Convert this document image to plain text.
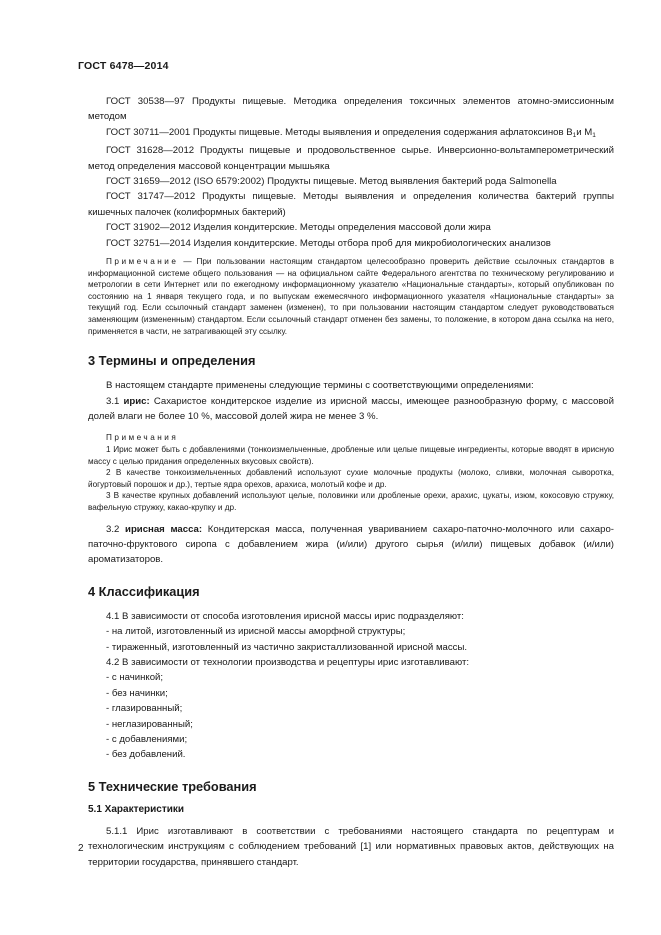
ГОСТ 6478—2014

ГОСТ 30538—97 Продукты пищевые. Методика определения токсичных элементов атомно-эмиссионным методом

ГОСТ 30711—2001 Продукты пищевые. Методы выявления и определения содержания афлатоксинов $B_1и$ $M_1$

ГОСТ 31628—2012 Продукты пищевые и продовольственное сырье. Инверсионно-вольтамперометрический метод определения массовой концентрации мышьяка

ГОСТ 31659—2012 (ISO 6579:2002) Продукты пищевые. Метод выявления бактерий рода Salmonella

ГОСТ 31747—2012 Продукты пищевые. Методы выявления и определения количества бактерий группы кишечных палочек (колиформных бактерий)

ГОСТ 31902—2012 Изделия кондитерские. Методы определения массовой доли жира

ГОСТ 32751—2014 Изделия кондитерские. Методы отбора проб для микробиологических анализов

Примечание — При пользовании настоящим стандартом целесообразно проверить действие ссылочных стандартов в информационной системе общего пользования — на официальном сайте Федерального агентства по техническому регулированию и метрологии в сети Интернет или по ежегодному информационному указателю «Национальные стандарты», который опубликован по состоянию на 1 января текущего года, и по выпускам ежемесячного информационного указателя «Национальные стандарты» за текущий год. Если ссылочный стандарт заменен (изменен), то при пользовании настоящим стандартом следует руководствоваться заменяющим (измененным) стандартом. Если ссылочный стандарт отменен без замены, то положение, в котором дана ссылка на него, применяется в части, не затрагивающей эту ссылку.

3 Термины и определения

В настоящем стандарте применены следующие термины с соответствующими определениями:

3.1 ирис: Сахаристое кондитерское изделие из ирисной массы, имеющее разнообразную форму, с массовой долей влаги не более 10 %, массовой долей жира не менее 3 %.

Примечания

1 Ирис может быть с добавлениями (тонкоизмельченные, дробленые или целые пищевые ингредиенты, которые вводят в ирисную массу с целью придания определенных вкусовых свойств).

2 В качестве тонкоизмельченных добавлений используют сухие молочные продукты (молоко, сливки, молочная сыворотка, йогуртовый порошок и др.), тертые ядра орехов, арахиса, молотый кофе и др.

3 В качестве крупных добавлений используют целые, половинки или дробленые орехи, арахис, цукаты, изюм, кокосовую стружку, вафельную стружку, какао-крупку и др.

3.2 ирисная масса: Кондитерская масса, полученная увариванием сахаро-паточно-молочного или сахаро-паточно-фруктового сиропа с добавлением жира (и/или) другого сырья (и/или) пищевых добавок (и/или) ароматизаторов.

4 Классификация

4.1 В зависимости от способа изготовления ирисной массы ирис подразделяют:

- на литой, изготовленный из ирисной массы аморфной структуры;

- тираженный, изготовленный из частично закристаллизованной ирисной массы.

4.2 В зависимости от технологии производства и рецептуры ирис изготавливают:

- с начинкой;

- без начинки;

- глазированный;

- неглазированный;

- с добавлениями;

- без добавлений.

5 Технические требования
5.1 Характеристики

5.1.1 Ирис изготавливают в соответствии с требованиями настоящего стандарта по рецептурам и технологическим инструкциям с соблюдением требований [1] или нормативных правовых актов, действующих на территории государства, принявшего стандарт.

2
